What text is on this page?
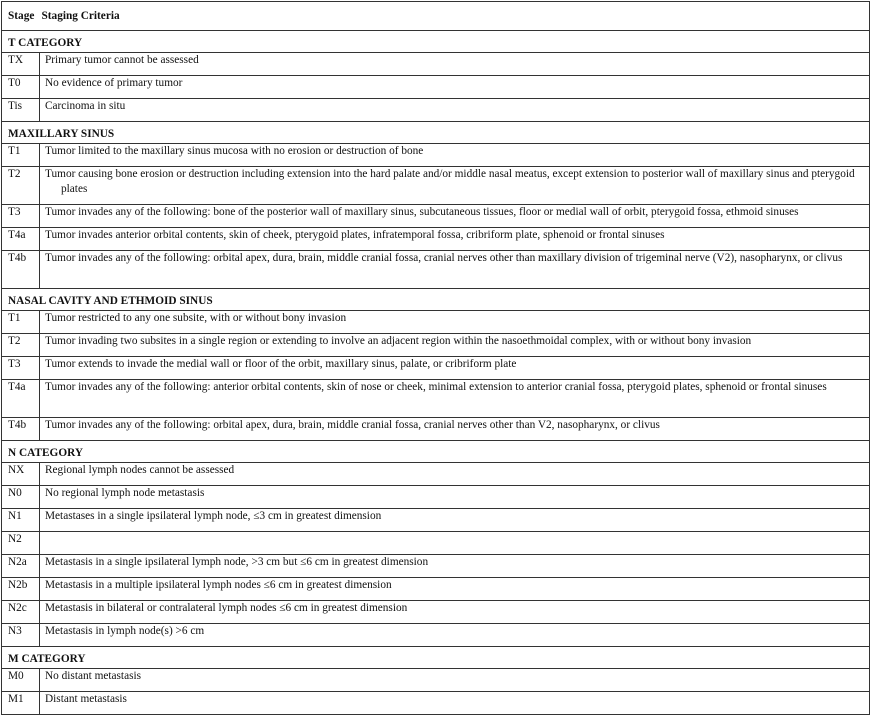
Stage	Staging Criteria
T CATEGORY	
TX	Primary tumor cannot be assessed

T0	No evidence of primary tumor

Tis	Carcinoma in situ

MAXILLARY SINUS	
T1	Tumor limited to the maxillary sinus mucosa with no erosion or destruction of bone

T2	Tumor causing bone erosion or destruction including extension into the hard palate and/or middle nasal meatus, except extension to posterior wall of maxillary sinus and pterygoid plates

T3	Tumor invades any of the following: bone of the posterior wall of maxillary sinus, subcutaneous tissues, floor or medial wall of orbit, pterygoid fossa, ethmoid sinuses

T4a	Tumor invades anterior orbital contents, skin of cheek, pterygoid plates, infratemporal fossa, cribriform plate, sphenoid or frontal sinuses

T4b	Tumor invades any of the following: orbital apex, dura, brain, middle cranial fossa, cranial nerves other than maxillary division of trigeminal nerve (V2), nasopharynx, or clivus

NASAL CAVITY AND ETHMOID SINUS	
T1	Tumor restricted to any one subsite, with or without bony invasion

T2	Tumor invading two subsites in a single region or extending to involve an adjacent region within the nasoethmoidal complex, with or without bony invasion

T3	Tumor extends to invade the medial wall or floor of the orbit, maxillary sinus, palate, or cribriform plate

T4a	Tumor invades any of the following: anterior orbital contents, skin of nose or cheek, minimal extension to anterior cranial fossa, pterygoid plates, sphenoid or frontal sinuses

T4b	Tumor invades any of the following: orbital apex, dura, brain, middle cranial fossa, cranial nerves other than V2, nasopharynx, or clivus

N CATEGORY	
NX	Regional lymph nodes cannot be assessed

N0	No regional lymph node metastasis

N1	Metastases in a single ipsilateral lymph node, ≤3 cm in greatest dimension

N2	

N2a	Metastasis in a single ipsilateral lymph node, >3 cm but ≤6 cm in greatest dimension

N2b	Metastasis in a multiple ipsilateral lymph nodes ≤6 cm in greatest dimension

N2c	Metastasis in bilateral or contralateral lymph nodes ≤6 cm in greatest dimension

N3	Metastasis in lymph node(s) >6 cm

M CATEGORY	
M0	No distant metastasis

M1	Distant metastasis
